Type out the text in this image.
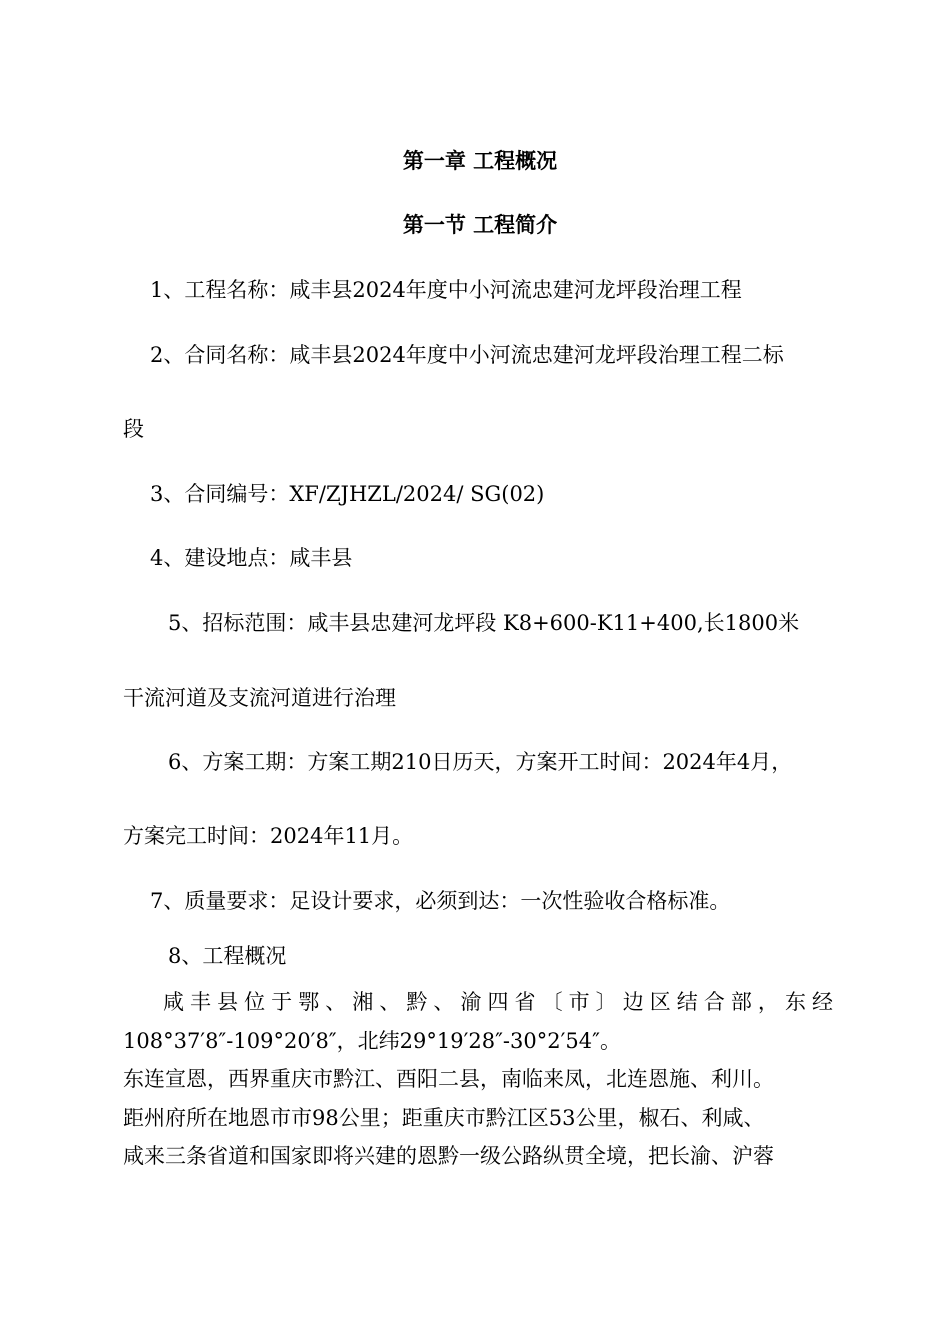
第一章 工程概况
第一节 工程简介
1、工程名称：咸丰县2024年度中小河流忠建河龙坪段治理工程
2、合同名称：咸丰县2024年度中小河流忠建河龙坪段治理工程二标
段
3、合同编号：XF/ZJHZL/2024/ SG(02)
4、建设地点：咸丰县
5、招标范围：咸丰县忠建河龙坪段 K8+600-K11+400,长1800米
干流河道及支流河道进行治理
6、方案工期：方案工期210日历天，方案开工时间：2024年4月，
方案完工时间：2024年11月。
7、质量要求：足设计要求，必须到达：一次性验收合格标准。
8、工程概况
咸丰县位于鄂、湘、黔、渝四省〔市〕边区结合部，东经
108°37′8″-109°20′8″，北纬29°19′28″-30°2′54″。
东连宣恩，西界重庆市黔江、酉阳二县，南临来凤，北连恩施、利川。
距州府所在地恩市市98公里；距重庆市黔江区53公里，椒石、利咸、
咸来三条省道和国家即将兴建的恩黔一级公路纵贯全境，把长渝、沪蓉
